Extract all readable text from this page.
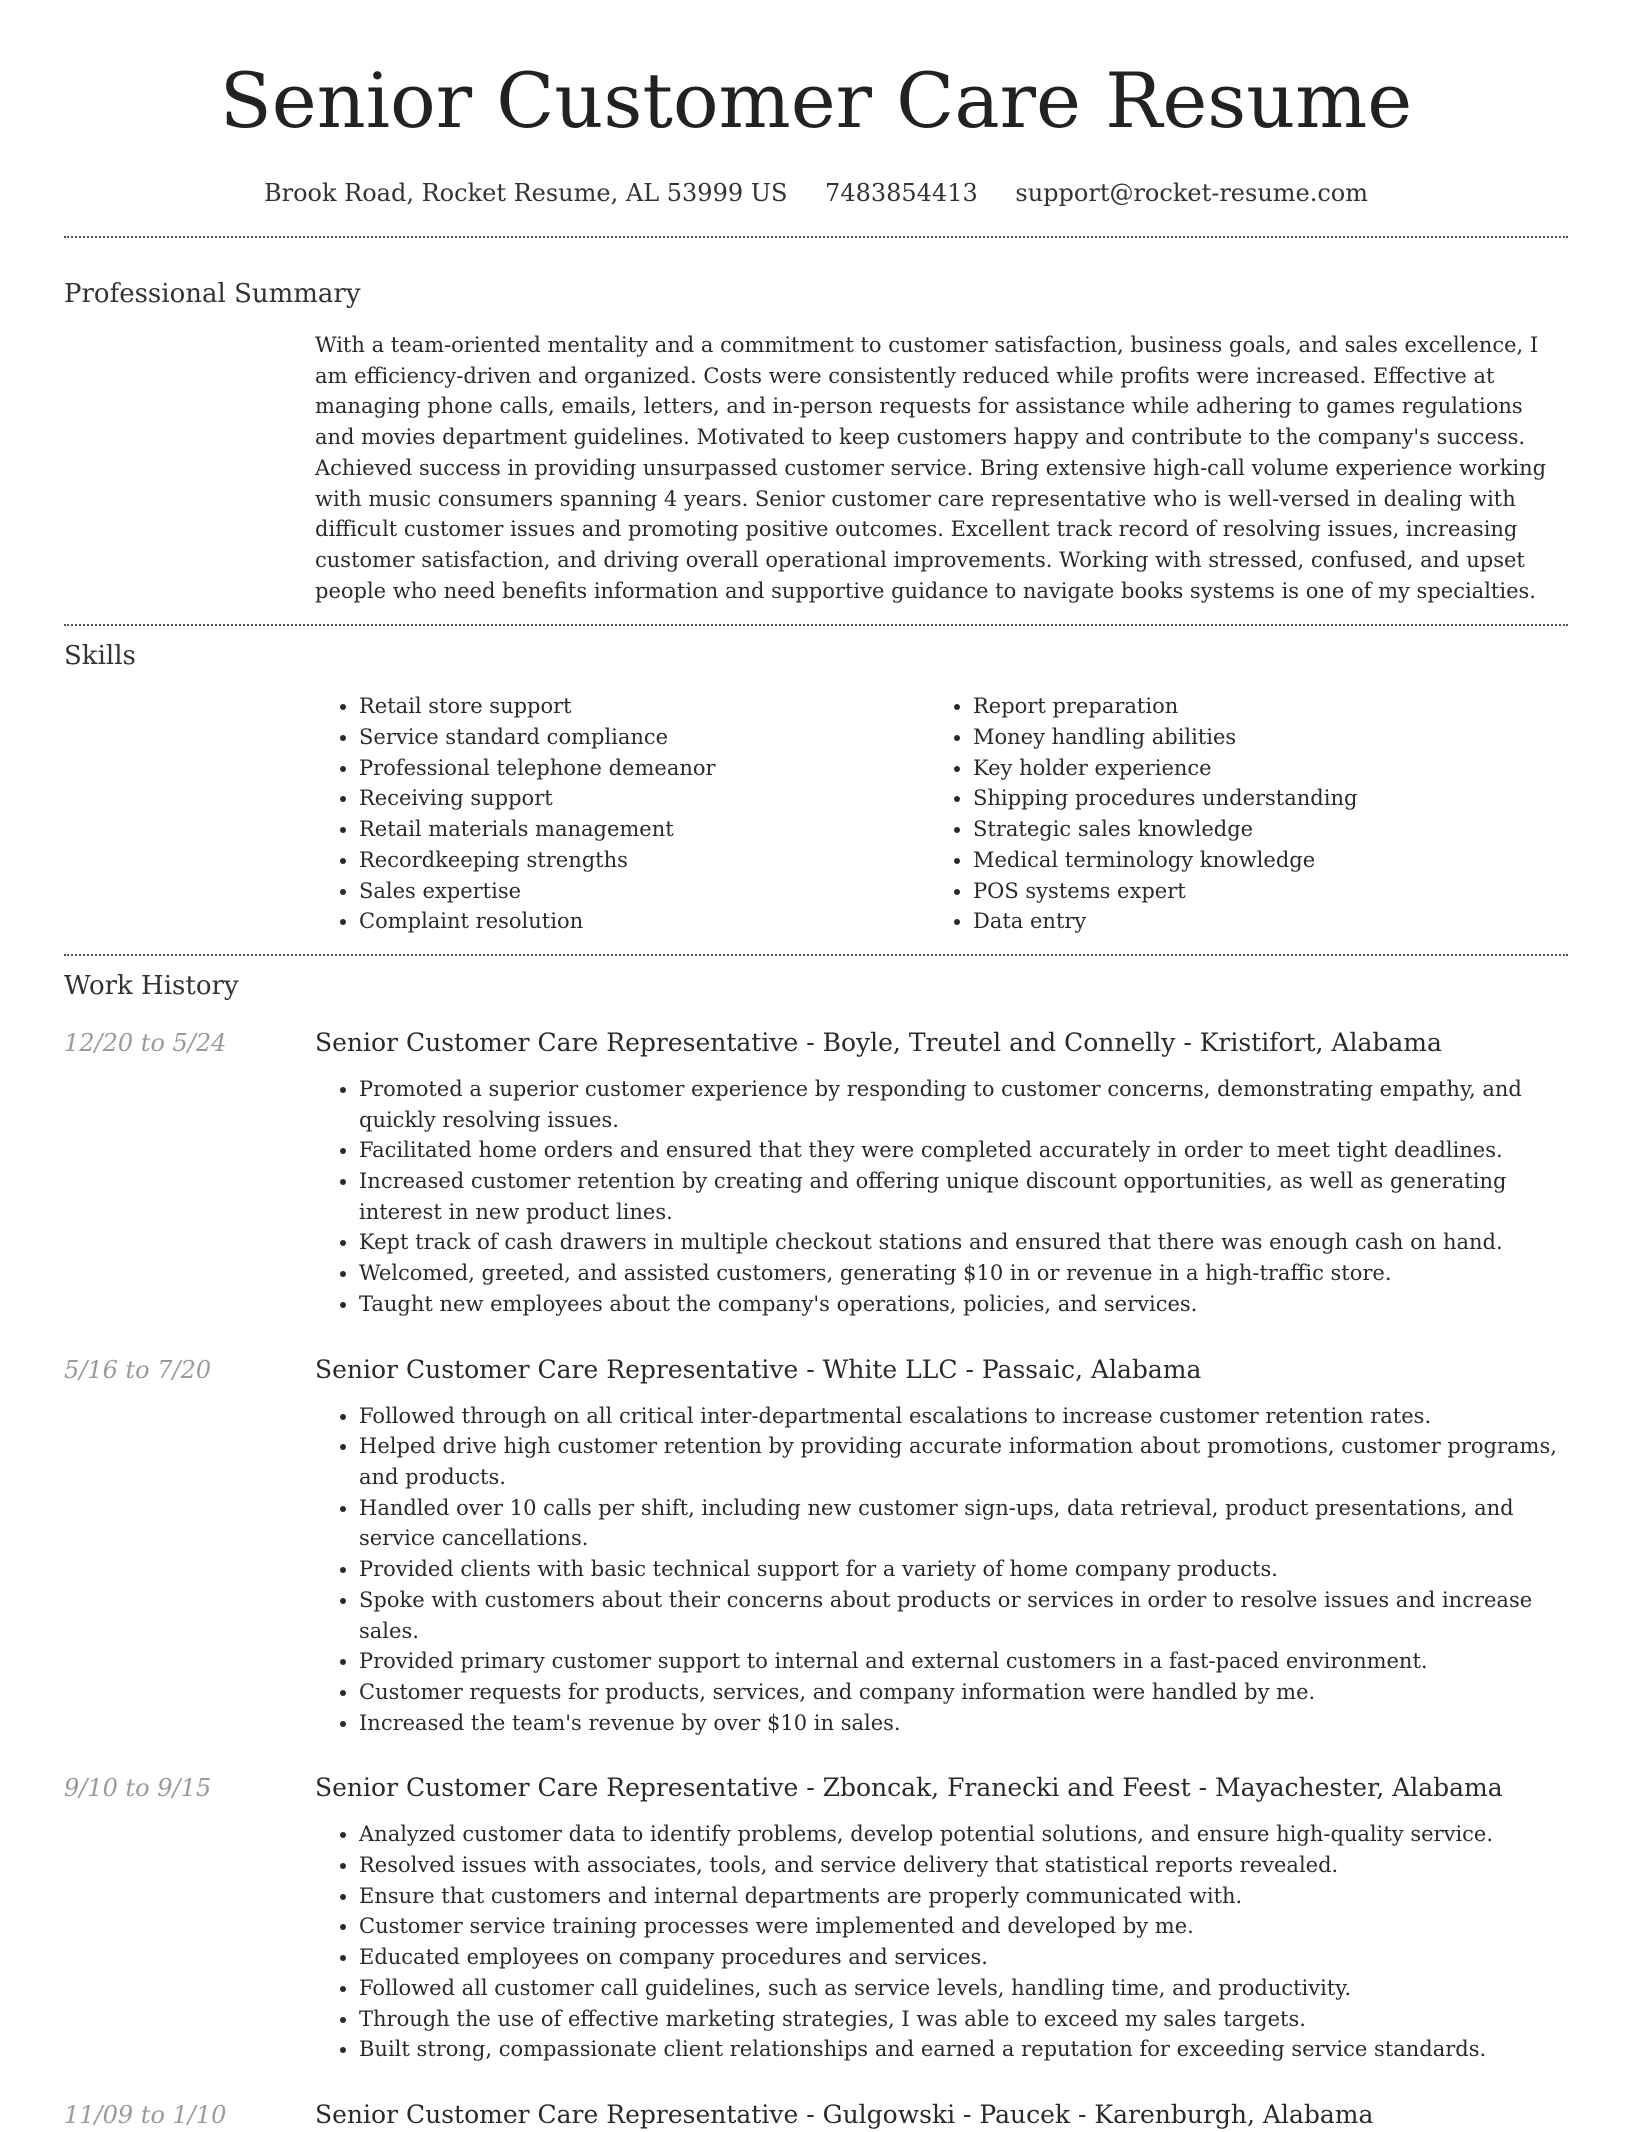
Senior Customer Care Resume
Brook Road, Rocket Resume, AL 53999 US 7483854413 support@rocket-resume.com
Professional Summary
With a team-oriented mentality and a commitment to customer satisfaction, business goals, and sales excellence, I am efficiency-driven and organized. Costs were consistently reduced while profits were increased. Effective at managing phone calls, emails, letters, and in-person requests for assistance while adhering to games regulations and movies department guidelines. Motivated to keep customers happy and contribute to the company's success. Achieved success in providing unsurpassed customer service. Bring extensive high-call volume experience working with music consumers spanning 4 years. Senior customer care representative who is well-versed in dealing with difficult customer issues and promoting positive outcomes. Excellent track record of resolving issues, increasing customer satisfaction, and driving overall operational improvements. Working with stressed, confused, and upset people who need benefits information and supportive guidance to navigate books systems is one of my specialties.
Skills
• Retail store support
• Service standard compliance
• Professional telephone demeanor
• Receiving support
• Retail materials management
• Recordkeeping strengths
• Sales expertise
• Complaint resolution
• Report preparation
• Money handling abilities
• Key holder experience
• Shipping procedures understanding
• Strategic sales knowledge
• Medical terminology knowledge
• POS systems expert
• Data entry
Work History
12/20 to 5/24	Senior Customer Care Representative - Boyle, Treutel and Connelly - Kristifort, Alabama
• Promoted a superior customer experience by responding to customer concerns, demonstrating empathy, and quickly resolving issues.
• Facilitated home orders and ensured that they were completed accurately in order to meet tight deadlines.
• Increased customer retention by creating and offering unique discount opportunities, as well as generating interest in new product lines.
• Kept track of cash drawers in multiple checkout stations and ensured that there was enough cash on hand.
• Welcomed, greeted, and assisted customers, generating $10 in or revenue in a high-traffic store.
• Taught new employees about the company's operations, policies, and services.
5/16 to 7/20	Senior Customer Care Representative - White LLC - Passaic, Alabama
• Followed through on all critical inter-departmental escalations to increase customer retention rates.
• Helped drive high customer retention by providing accurate information about promotions, customer programs, and products.
• Handled over 10 calls per shift, including new customer sign-ups, data retrieval, product presentations, and service cancellations.
• Provided clients with basic technical support for a variety of home company products.
• Spoke with customers about their concerns about products or services in order to resolve issues and increase sales.
• Provided primary customer support to internal and external customers in a fast-paced environment.
• Customer requests for products, services, and company information were handled by me.
• Increased the team's revenue by over $10 in sales.
9/10 to 9/15	Senior Customer Care Representative - Zboncak, Franecki and Feest - Mayachester, Alabama
• Analyzed customer data to identify problems, develop potential solutions, and ensure high-quality service.
• Resolved issues with associates, tools, and service delivery that statistical reports revealed.
• Ensure that customers and internal departments are properly communicated with.
• Customer service training processes were implemented and developed by me.
• Educated employees on company procedures and services.
• Followed all customer call guidelines, such as service levels, handling time, and productivity.
• Through the use of effective marketing strategies, I was able to exceed my sales targets.
• Built strong, compassionate client relationships and earned a reputation for exceeding service standards.
11/09 to 1/10	Senior Customer Care Representative - Gulgowski - Paucek - Karenburgh, Alabama
